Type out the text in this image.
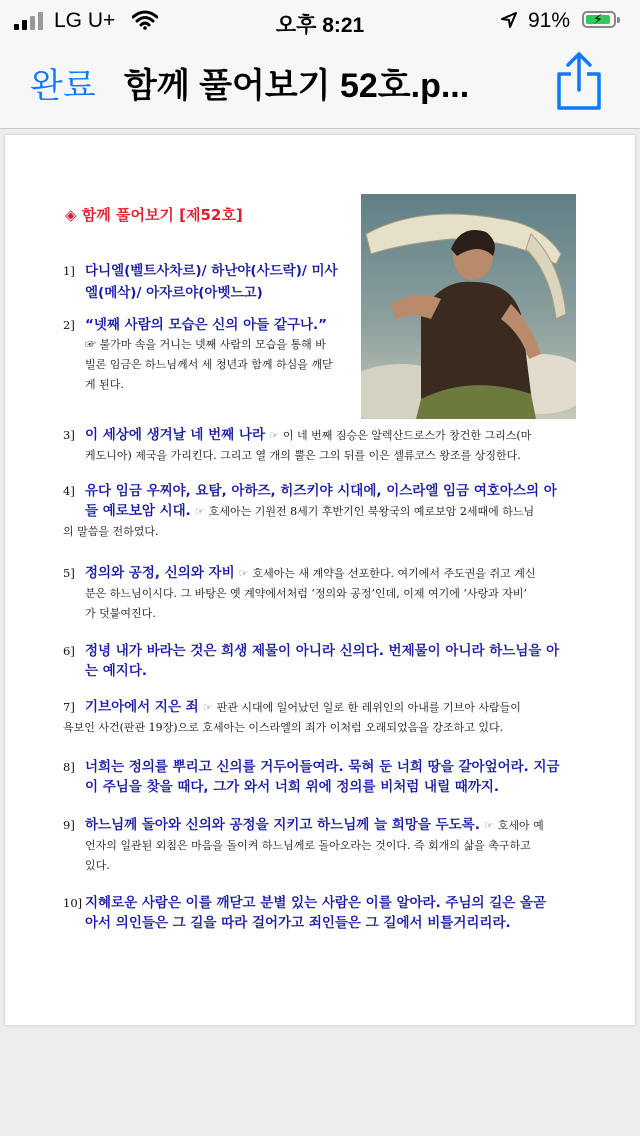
LG U+	오후 8:21	91% ⚡
완료 함께 풀어보기 52호.p...
◈ 함께 풀어보기 [제52호]
1] 다니엘(벨트사차르)/ 하난야(사드락)/ 미사
엘(메삭)/ 아자르야(아벳느고)
2] “넷째 사람의 모습은 신의 아들 같구나.”
☞ 불가마 속을 거니는 넷째 사람의 모습을 통해 바
빌론 임금은 하느님께서 세 청년과 함께 하심을 깨닫
게 된다.
3] 이 세상에 생겨날 네 번째 나라 ☞ 이 네 번째 짐승은 알렉산드로스가 창건한 그리스(마
케도니아) 제국을 가리킨다. 그리고 열 개의 뿔은 그의 뒤를 이은 셀류코스 왕조를 상징한다.
4] 유다 임금 우찌야, 요탐, 아하즈, 히즈키야 시대에, 이스라엘 임금 여호아스의 아
들 예로보암 시대. ☞ 호세아는 기원전 8세기 후반기인 북왕국의 예로보암 2세때에 하느님
의 말씀을 전하였다.
5] 정의와 공정, 신의와 자비 ☞ 호세아는 새 계약을 선포한다. 여기에서 주도권을 쥐고 계신
분은 하느님이시다. 그 바탕은 옛 계약에서처럼 ‘정의와 공정’인데, 이제 여기에 ‘사랑과 자비’
가 덧붙여진다.
6] 정녕 내가 바라는 것은 희생 제물이 아니라 신의다. 번제물이 아니라 하느님을 아
는 예지다.
7] 기브아에서 지은 죄 ☞ 판관 시대에 일어났던 일로 한 레위인의 아내를 기브아 사람들이
욕보인 사건(판관 19장)으로 호세아는 이스라엘의 죄가 이처럼 오래되었음을 강조하고 있다.
8] 너희는 정의를 뿌리고 신의를 거두어들여라. 묵혀 둔 너희 땅을 갈아엎어라. 지금
이 주님을 찾을 때다, 그가 와서 너희 위에 정의를 비처럼 내릴 때까지.
9] 하느님께 돌아와 신의와 공정을 지키고 하느님께 늘 희망을 두도록. ☞ 호세아 예
언자의 일관된 외침은 마음을 돌이켜 하느님께로 돌아오라는 것이다. 즉 회개의 삶을 촉구하고
있다.
10] 지혜로운 사람은 이를 깨닫고 분별 있는 사람은 이를 알아라. 주님의 길은 올곧
아서 의인들은 그 길을 따라 걸어가고 죄인들은 그 길에서 비틀거리리라.
